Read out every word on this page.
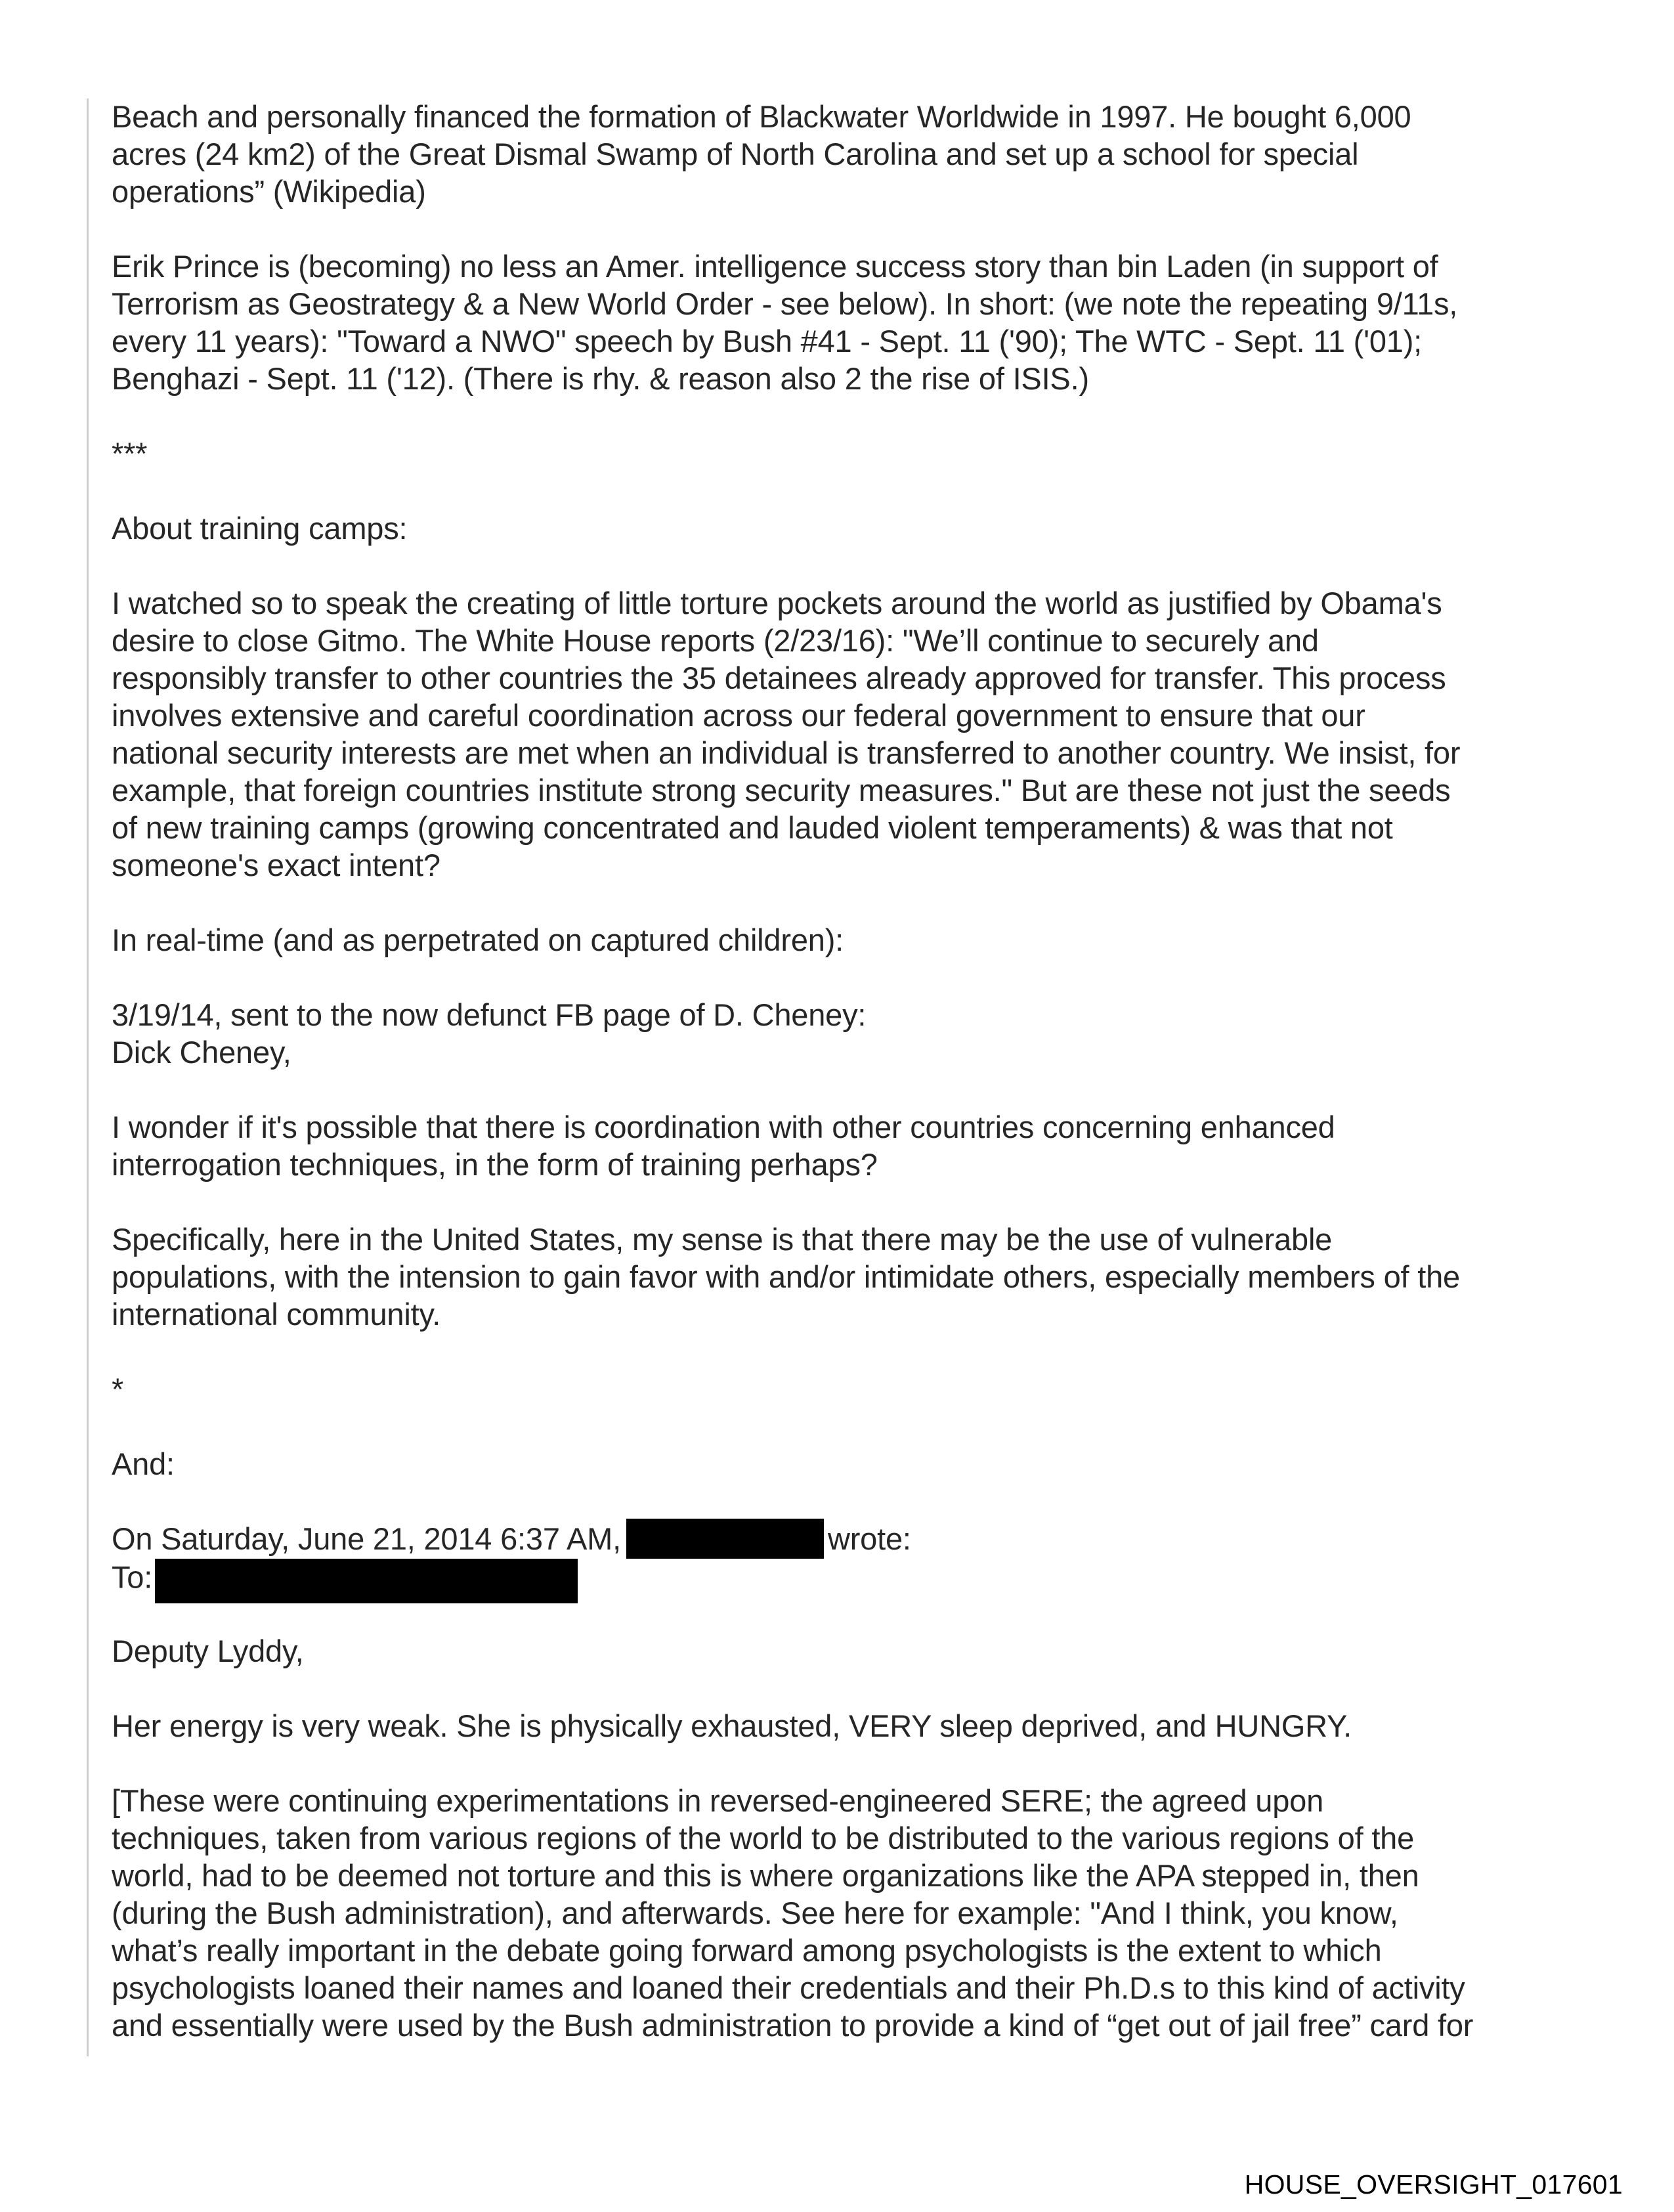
Beach and personally financed the formation of Blackwater Worldwide in 1997. He bought 6,000
acres (24 km2) of the Great Dismal Swamp of North Carolina and set up a school for special
operations” (Wikipedia)
Erik Prince is (becoming) no less an Amer. intelligence success story than bin Laden (in support of
Terrorism as Geostrategy & a New World Order - see below). In short: (we note the repeating 9/11s,
every 11 years): "Toward a NWO" speech by Bush #41 - Sept. 11 ('90); The WTC - Sept. 11 ('01);
Benghazi - Sept. 11 ('12). (There is rhy. & reason also 2 the rise of ISIS.)
***
About training camps:
I watched so to speak the creating of little torture pockets around the world as justified by Obama's
desire to close Gitmo. The White House reports (2/23/16): "We’ll continue to securely and
responsibly transfer to other countries the 35 detainees already approved for transfer. This process
involves extensive and careful coordination across our federal government to ensure that our
national security interests are met when an individual is transferred to another country. We insist, for
example, that foreign countries institute strong security measures." But are these not just the seeds
of new training camps (growing concentrated and lauded violent temperaments) & was that not
someone's exact intent?
In real-time (and as perpetrated on captured children):
3/19/14, sent to the now defunct FB page of D. Cheney:
Dick Cheney,
I wonder if it's possible that there is coordination with other countries concerning enhanced
interrogation techniques, in the form of training perhaps?
Specifically, here in the United States, my sense is that there may be the use of vulnerable
populations, with the intension to gain favor with and/or intimidate others, especially members of the
international community.
*
And:
On Saturday, June 21, 2014 6:37 AM,	wrote:
To:
Deputy Lyddy,
Her energy is very weak. She is physically exhausted, VERY sleep deprived, and HUNGRY.
[These were continuing experimentations in reversed-engineered SERE; the agreed upon
techniques, taken from various regions of the world to be distributed to the various regions of the
world, had to be deemed not torture and this is where organizations like the APA stepped in, then
(during the Bush administration), and afterwards. See here for example: "And I think, you know,
what’s really important in the debate going forward among psychologists is the extent to which
psychologists loaned their names and loaned their credentials and their Ph.D.s to this kind of activity
and essentially were used by the Bush administration to provide a kind of “get out of jail free” card for
HOUSE_OVERSIGHT_017601
